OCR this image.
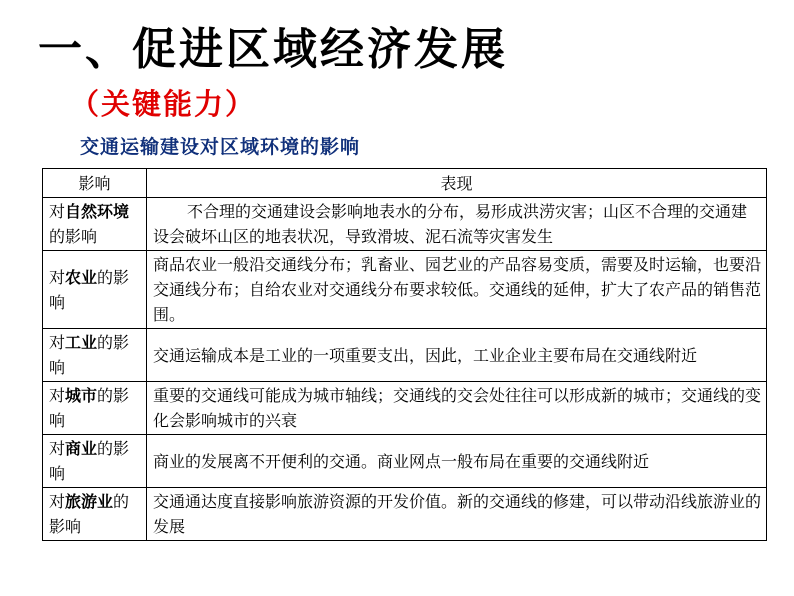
一、促进区域经济发展
（关键能力）
交通运输建设对区域环境的影响
影响	表现
对自然环境的影响	不合理的交通建设会影响地表水的分布，易形成洪涝灾害；山区不合理的交通建设会破坏山区的地表状况，导致滑坡、泥石流等灾害发生
对农业的影响	商品农业一般沿交通线分布；乳畜业、园艺业的产品容易变质，需要及时运输，也要沿交通线分布；自给农业对交通线分布要求较低。交通线的延伸，扩大了农产品的销售范围。
对工业的影响	交通运输成本是工业的一项重要支出，因此，工业企业主要布局在交通线附近
对城市的影响	重要的交通线可能成为城市轴线；交通线的交会处往往可以形成新的城市；交通线的变化会影响城市的兴衰
对商业的影响	商业的发展离不开便利的交通。商业网点一般布局在重要的交通线附近
对旅游业的影响	交通通达度直接影响旅游资源的开发价值。新的交通线的修建，可以带动沿线旅游业的发展
